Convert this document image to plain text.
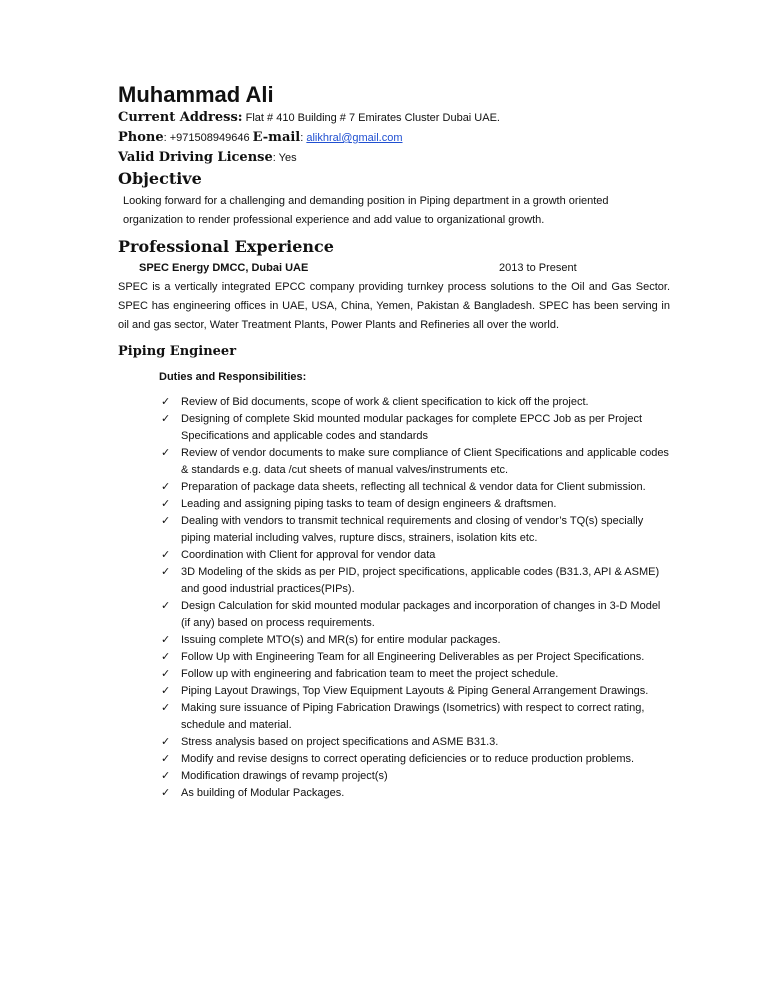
Muhammad Ali
Current Address: Flat # 410 Building # 7 Emirates Cluster Dubai UAE.
Phone: +971508949646 E-mail: alikhral@gmail.com
Valid Driving License: Yes
Objective

Looking forward for a challenging and demanding position in Piping department in a growth oriented organization to render professional experience and add value to organizational growth.

Professional Experience
SPEC Energy DMCC, Dubai UAE	2013 to Present

SPEC is a vertically integrated EPCC company providing turnkey process solutions to the Oil and Gas Sector. SPEC has engineering offices in UAE, USA, China, Yemen, Pakistan & Bangladesh. SPEC has been serving in oil and gas sector, Water Treatment Plants, Power Plants and Refineries all over the world.

Piping Engineer
Duties and Responsibilities:
✓ Review of Bid documents, scope of work & client specification to kick off the project.
✓ Designing of complete Skid mounted modular packages for complete EPCC Job as per Project Specifications and applicable codes and standards
✓ Review of vendor documents to make sure compliance of Client Specifications and applicable codes & standards e.g. data /cut sheets of manual valves/instruments etc.
✓ Preparation of package data sheets, reflecting all technical & vendor data for Client submission.
✓ Leading and assigning piping tasks to team of design engineers & draftsmen.
✓ Dealing with vendors to transmit technical requirements and closing of vendor’s TQ(s) specially piping material including valves, rupture discs, strainers, isolation kits etc.
✓ Coordination with Client for approval for vendor data
✓ 3D Modeling of the skids as per PID, project specifications, applicable codes (B31.3, API & ASME) and good industrial practices(PIPs).
✓ Design Calculation for skid mounted modular packages and incorporation of changes in 3-D Model (if any) based on process requirements.
✓ Issuing complete MTO(s) and MR(s) for entire modular packages.
✓ Follow Up with Engineering Team for all Engineering Deliverables as per Project Specifications.
✓ Follow up with engineering and fabrication team to meet the project schedule.
✓ Piping Layout Drawings, Top View Equipment Layouts & Piping General Arrangement Drawings.
✓ Making sure issuance of Piping Fabrication Drawings (Isometrics) with respect to correct rating, schedule and material.
✓ Stress analysis based on project specifications and ASME B31.3.
✓ Modify and revise designs to correct operating deficiencies or to reduce production problems.
✓ Modification drawings of revamp project(s)
✓ As building of Modular Packages.
